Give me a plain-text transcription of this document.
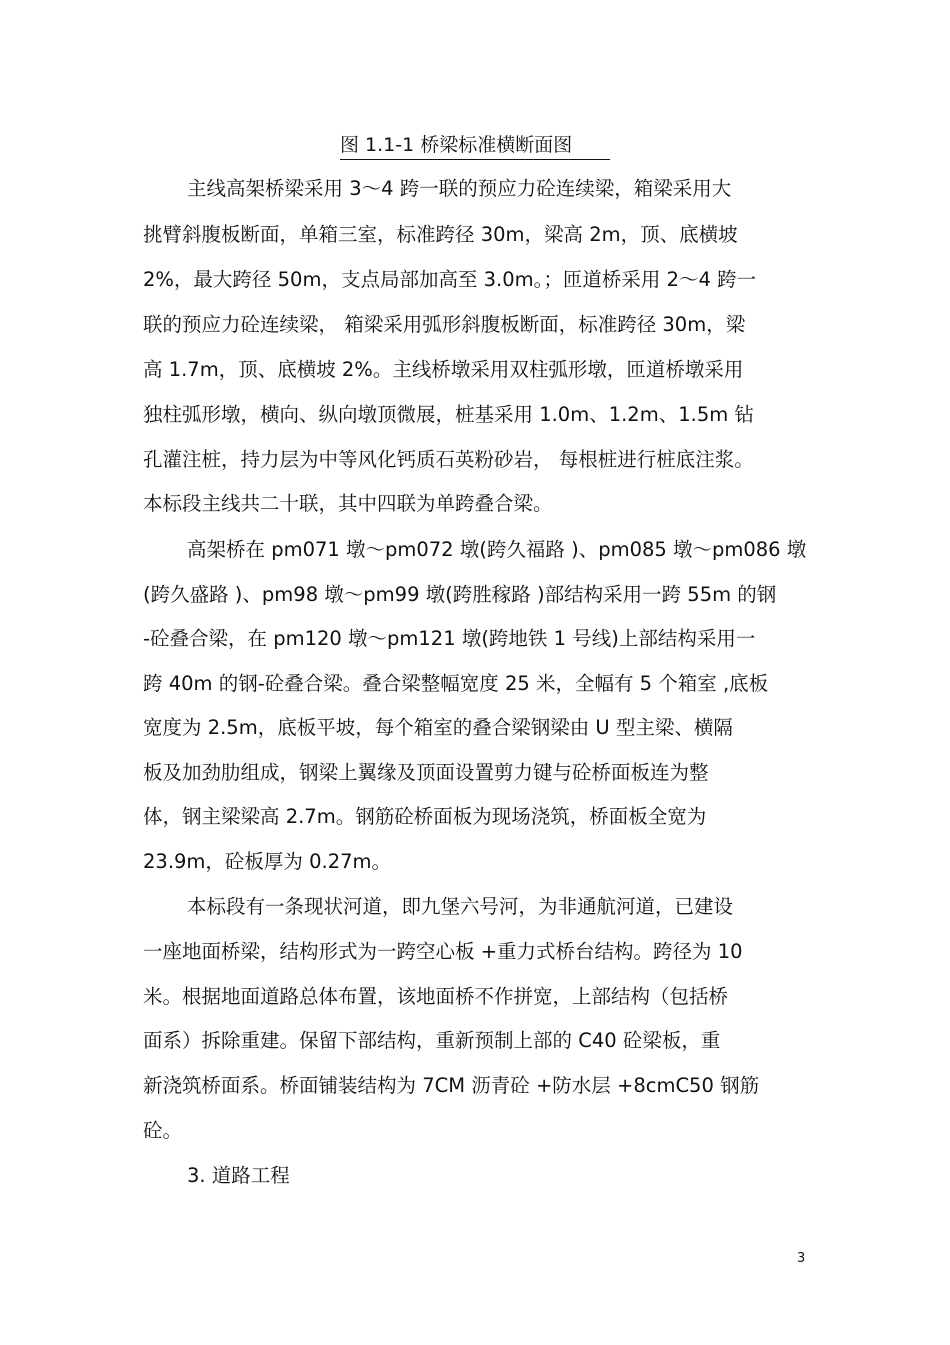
图 1.1-1 桥梁标准横断面图
主线高架桥梁采用 3～4 跨一联的预应力砼连续梁，箱梁采用大
挑臂斜腹板断面，单箱三室，标准跨径 30m，梁高 2m，顶、底横坡
2%，最大跨径 50m，支点局部加高至 3.0m。；匝道桥采用 2～4 跨一
联的预应力砼连续梁， 箱梁采用弧形斜腹板断面，标准跨径 30m，梁
高 1.7m，顶、底横坡 2%。主线桥墩采用双柱弧形墩，匝道桥墩采用
独柱弧形墩，横向、纵向墩顶微展，桩基采用 1.0m、1.2m、1.5m 钻
孔灌注桩，持力层为中等风化钙质石英粉砂岩， 每根桩进行桩底注浆。
本标段主线共二十联，其中四联为单跨叠合梁。
高架桥在 pm071 墩～pm072 墩(跨久福路 )、pm085 墩～pm086 墩
(跨久盛路 )、pm98 墩～pm99 墩(跨胜稼路 )部结构采用一跨 55m 的钢
-砼叠合梁，在 pm120 墩～pm121 墩(跨地铁 1 号线)上部结构采用一
跨 40m 的钢-砼叠合梁。叠合梁整幅宽度 25 米，全幅有 5 个箱室 ,底板
宽度为 2.5m，底板平坡，每个箱室的叠合梁钢梁由 U 型主梁、横隔
板及加劲肋组成，钢梁上翼缘及顶面设置剪力键与砼桥面板连为整
体，钢主梁梁高 2.7m。钢筋砼桥面板为现场浇筑，桥面板全宽为
23.9m，砼板厚为 0.27m。
本标段有一条现状河道，即九堡六号河，为非通航河道，已建设
一座地面桥梁，结构形式为一跨空心板 +重力式桥台结构。跨径为 10
米。根据地面道路总体布置，该地面桥不作拼宽，上部结构（包括桥
面系）拆除重建。保留下部结构，重新预制上部的 C40 砼梁板，重
新浇筑桥面系。桥面铺装结构为 7CM 沥青砼 +防水层 +8cmC50 钢筋
砼。
3. 道路工程
3
